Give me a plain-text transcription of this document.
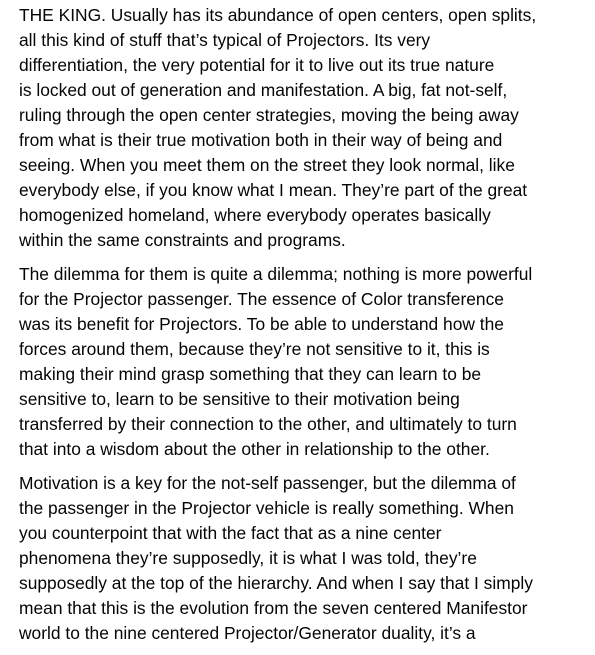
THE KING. Usually has its abundance of open centers, open splits,
all this kind of stuff that’s typical of Projectors. Its very
differentiation, the very potential for it to live out its true nature
is locked out of generation and manifestation. A big, fat not-self,
ruling through the open center strategies, moving the being away
from what is their true motivation both in their way of being and
seeing. When you meet them on the street they look normal, like
everybody else, if you know what I mean. They’re part of the great
homogenized homeland, where everybody operates basically
within the same constraints and programs.

The dilemma for them is quite a dilemma; nothing is more powerful
for the Projector passenger. The essence of Color transference
was its benefit for Projectors. To be able to understand how the
forces around them, because they’re not sensitive to it, this is
making their mind grasp something that they can learn to be
sensitive to, learn to be sensitive to their motivation being
transferred by their connection to the other, and ultimately to turn
that into a wisdom about the other in relationship to the other.

Motivation is a key for the not-self passenger, but the dilemma of
the passenger in the Projector vehicle is really something. When
you counterpoint that with the fact that as a nine center
phenomena they’re supposedly, it is what I was told, they’re
supposedly at the top of the hierarchy. And when I say that I simply
mean that this is the evolution from the seven centered Manifestor
world to the nine centered Projector/Generator duality, it’s a
